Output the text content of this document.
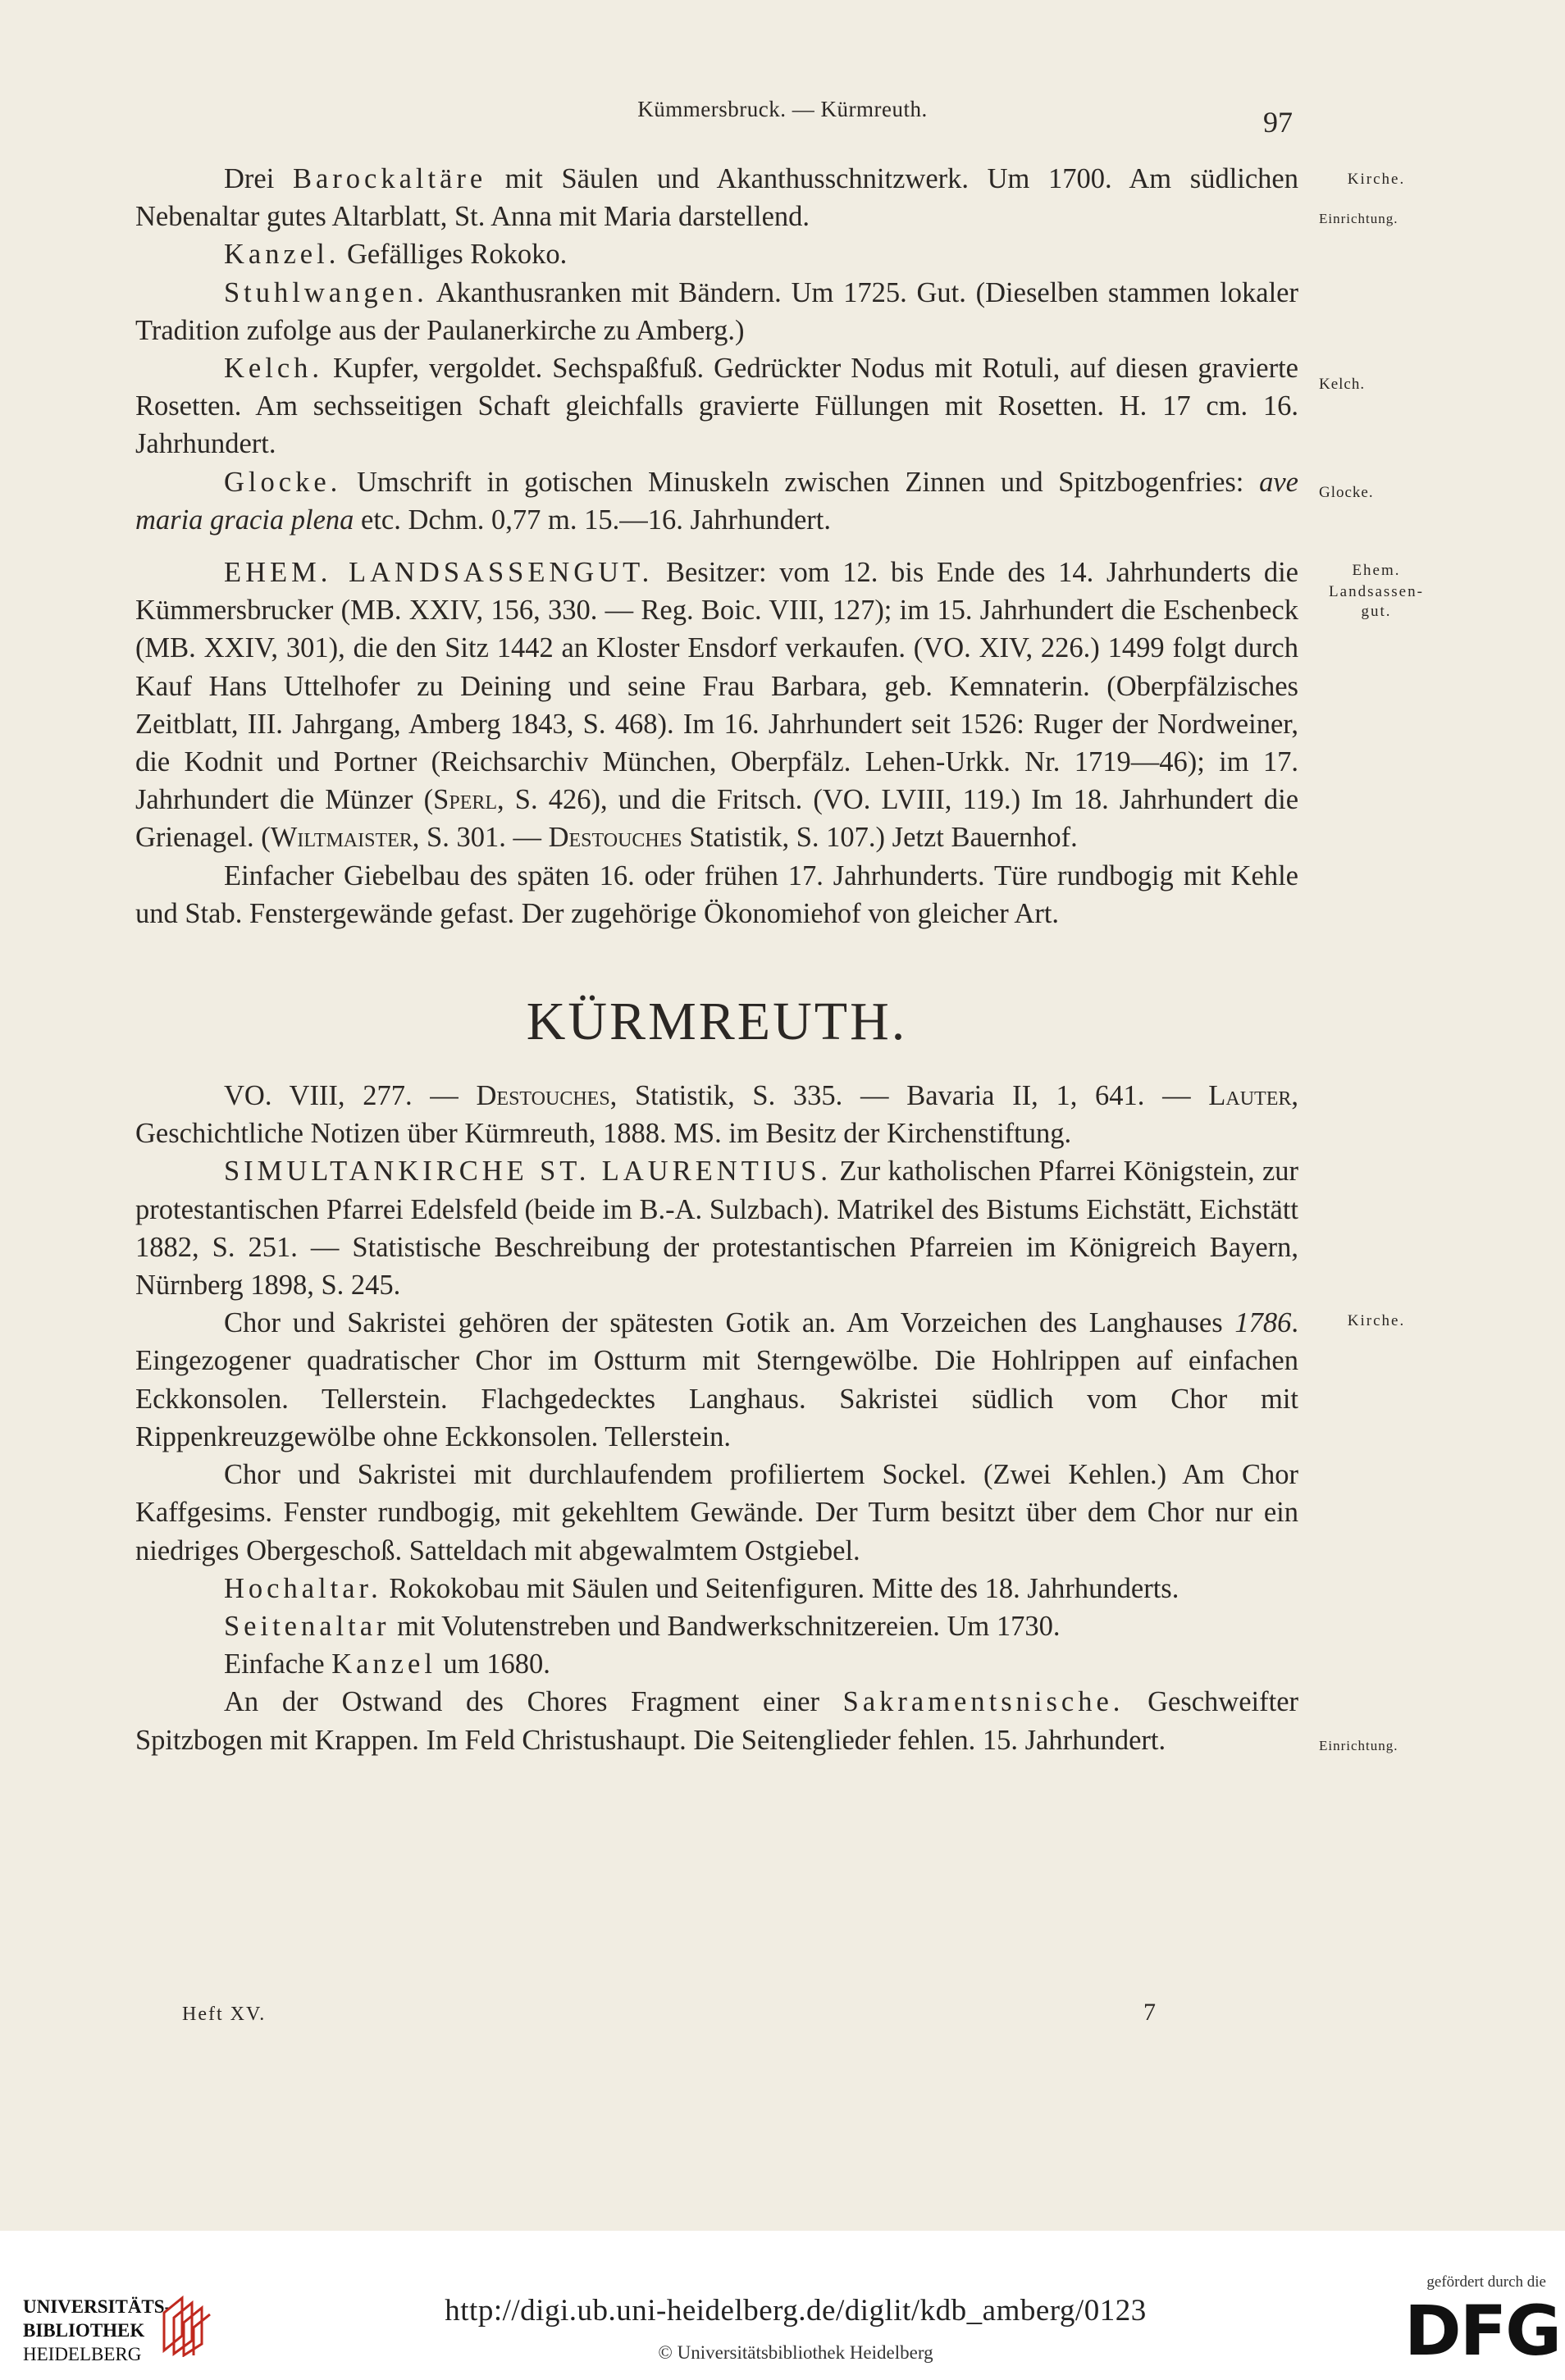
Kümmersbruck. — Kürmreuth.	97
Kirche.
Einrichtung.
Kelch.
Glocke.
Ehem.
Landsassen-
gut.
Kirche.
Einrichtung.

Drei Barockaltäre mit Säulen und Akanthusschnitzwerk. Um 1700. Am südlichen Nebenaltar gutes Altarblatt, St. Anna mit Maria darstellend.

Kanzel. Gefälliges Rokoko.

Stuhlwangen. Akanthusranken mit Bändern. Um 1725. Gut. (Dieselben stammen lokaler Tradition zufolge aus der Paulanerkirche zu Amberg.)

Kelch. Kupfer, vergoldet. Sechspaßfuß. Gedrückter Nodus mit Rotuli, auf diesen gravierte Rosetten. Am sechsseitigen Schaft gleichfalls gravierte Füllungen mit Rosetten. H. 17 cm. 16. Jahrhundert.

Glocke. Umschrift in gotischen Minuskeln zwischen Zinnen und Spitzbogenfries: ave maria gracia plena etc. Dchm. 0,77 m. 15.—16. Jahrhundert.

EHEM. LANDSASSENGUT. Besitzer: vom 12. bis Ende des 14. Jahrhunderts die Kümmersbrucker (MB. XXIV, 156, 330. — Reg. Boic. VIII, 127); im 15. Jahrhundert die Eschenbeck (MB. XXIV, 301), die den Sitz 1442 an Kloster Ensdorf verkaufen. (VO. XIV, 226.) 1499 folgt durch Kauf Hans Uttelhofer zu Deining und seine Frau Barbara, geb. Kemnaterin. (Oberpfälzisches Zeitblatt, III. Jahrgang, Amberg 1843, S. 468). Im 16. Jahrhundert seit 1526: Ruger der Nordweiner, die Kodnit und Portner (Reichsarchiv München, Oberpfälz. Lehen-Urkk. Nr. 1719—46); im 17. Jahrhundert die Münzer (Sperl, S. 426), und die Fritsch. (VO. LVIII, 119.) Im 18. Jahrhundert die Grienagel. (Wiltmaister, S. 301. — Destouches Statistik, S. 107.) Jetzt Bauernhof.

Einfacher Giebelbau des späten 16. oder frühen 17. Jahrhunderts. Türe rundbogig mit Kehle und Stab. Fenstergewände gefast. Der zugehörige Ökonomiehof von gleicher Art.

KÜRMREUTH.

VO. VIII, 277. — Destouches, Statistik, S. 335. — Bavaria II, 1, 641. — Lauter, Geschichtliche Notizen über Kürmreuth, 1888. MS. im Besitz der Kirchenstiftung.

SIMULTANKIRCHE ST. LAURENTIUS. Zur katholischen Pfarrei Königstein, zur protestantischen Pfarrei Edelsfeld (beide im B.-A. Sulzbach). Matrikel des Bistums Eichstätt, Eichstätt 1882, S. 251. — Statistische Beschreibung der protestantischen Pfarreien im Königreich Bayern, Nürnberg 1898, S. 245.

Chor und Sakristei gehören der spätesten Gotik an. Am Vorzeichen des Langhauses 1786. Eingezogener quadratischer Chor im Ostturm mit Sterngewölbe. Die Hohlrippen auf einfachen Eckkonsolen. Tellerstein. Flachgedecktes Langhaus. Sakristei südlich vom Chor mit Rippenkreuzgewölbe ohne Eckkonsolen. Tellerstein.

Chor und Sakristei mit durchlaufendem profiliertem Sockel. (Zwei Kehlen.) Am Chor Kaffgesims. Fenster rundbogig, mit gekehltem Gewände. Der Turm besitzt über dem Chor nur ein niedriges Obergeschoß. Satteldach mit abgewalmtem Ostgiebel.

Hochaltar. Rokokobau mit Säulen und Seitenfiguren. Mitte des 18. Jahrhunderts.

Seitenaltar mit Volutenstreben und Bandwerkschnitzereien. Um 1730.

Einfache Kanzel um 1680.

An der Ostwand des Chores Fragment einer Sakramentsnische. Geschweifter Spitzbogen mit Krappen. Im Feld Christushaupt. Die Seitenglieder fehlen. 15. Jahrhundert.

Heft XV.	7
UNIVERSITÄTS-
BIBLIOTHEK
HEIDELBERG
http://digi.ub.uni-heidelberg.de/diglit/kdb_amberg/0123
© Universitätsbibliothek Heidelberg
gefördert durch die
DFG
